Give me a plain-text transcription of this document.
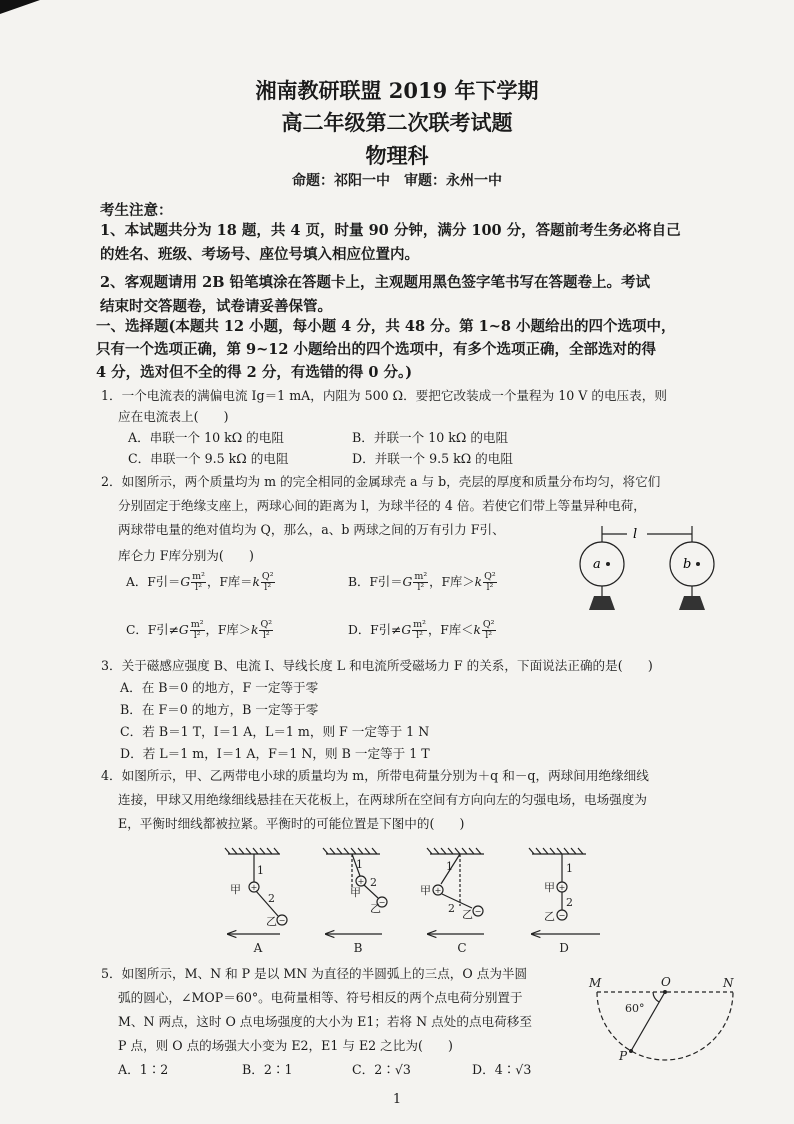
湘南教研联盟 2019 年下学期
高二年级第二次联考试题
物理科
命题：祁阳一中　审题：永州一中
考生注意：
1、本试题共分为 18 题，共 4 页，时量 90 分钟，满分 100 分，答题前考生务必将自己
的姓名、班级、考场号、座位号填入相应位置内。
2、客观题请用 2B 铅笔填涂在答题卡上，主观题用黑色签字笔书写在答题卷上。考试
结束时交答题卷，试卷请妥善保管。
一、选择题(本题共 12 小题，每小题 4 分，共 48 分。第 1~8 小题给出的四个选项中，
只有一个选项正确，第 9~12 小题给出的四个选项中，有多个选项正确，全部选对的得
4 分，选对但不全的得 2 分，有选错的得 0 分。)
1．一个电流表的满偏电流 Ig＝1 mA，内阻为 500 Ω．要把它改装成一个量程为 10 V 的电压表，则
应在电流表上(　　)
A．串联一个 10 kΩ 的电阻	B．并联一个 10 kΩ 的电阻
C．串联一个 9.5 kΩ 的电阻	D．并联一个 9.5 kΩ 的电阻
2．如图所示，两个质量均为 m 的完全相同的金属球壳 a 与 b，壳层的厚度和质量分布均匀，将它们
分别固定于绝缘支座上，两球心间的距离为 l，为球半径的 4 倍。若使它们带上等量异种电荷，
两球带电量的绝对值均为 Q，那么，a、b 两球之间的万有引力 F引、
库仑力 F库分别为(　　)
A．F引$=G \frac{\text{m²}}{\text{l²}}$ ，F库$=k \frac{\text{Q²}}{\text{l²}}$	B．F引$=G \frac{\text{m²}}{\text{l²}}$ ，F库$>k \frac{\text{Q²}}{\text{l²}}$
C．F引$\ne G \frac{\text{m²}}{\text{l²}}$ ，F库$>k \frac{\text{Q²}}{\text{l²}}$	D．F引$\ne G \frac{\text{m²}}{\text{l²}}$ ，F库$<k \frac{\text{Q²}}{\text{l²}}$
a	b
l
3．关于磁感应强度 B、电流 I、导线长度 L 和电流所受磁场力 F 的关系，下面说法正确的是(　　)
A．在 B＝0 的地方，F 一定等于零
B．在 F＝0 的地方，B 一定等于零
C．若 B＝1 T，I＝1 A，L＝1 m，则 F 一定等于 1 N
D．若 L＝1 m，I＝1 A，F＝1 N，则 B 一定等于 1 T
4．如图所示，甲、乙两带电小球的质量均为 m，所带电荷量分别为＋q 和－q，两球间用绝缘细线
连接，甲球又用绝缘细线悬挂在天花板上，在两球所在空间有方向向左的匀强电场，电场强度为
E，平衡时细线都被拉紧。平衡时的可能位置是下图中的(　　)
甲
1
2
乙
甲
1
2
乙
甲
1
2 乙
甲
1
2
乙
+
−
+
−
+
−
+
−
A	B	C	D
5．如图所示，M、N 和 P 是以 MN 为直径的半圆弧上的三点，O 点为半圆
弧的圆心，∠MOP＝60°。电荷量相等、符号相反的两个点电荷分别置于
M、N 两点，这时 O 点电场强度的大小为 E1；若将 N 点处的点电荷移至
P 点，则 O 点的场强大小变为 E2，E1 与 E2 之比为(　　)
A．1∶2	B．2∶1	C．2∶√3	D．4∶√3
M	N
O
P
60°
1
